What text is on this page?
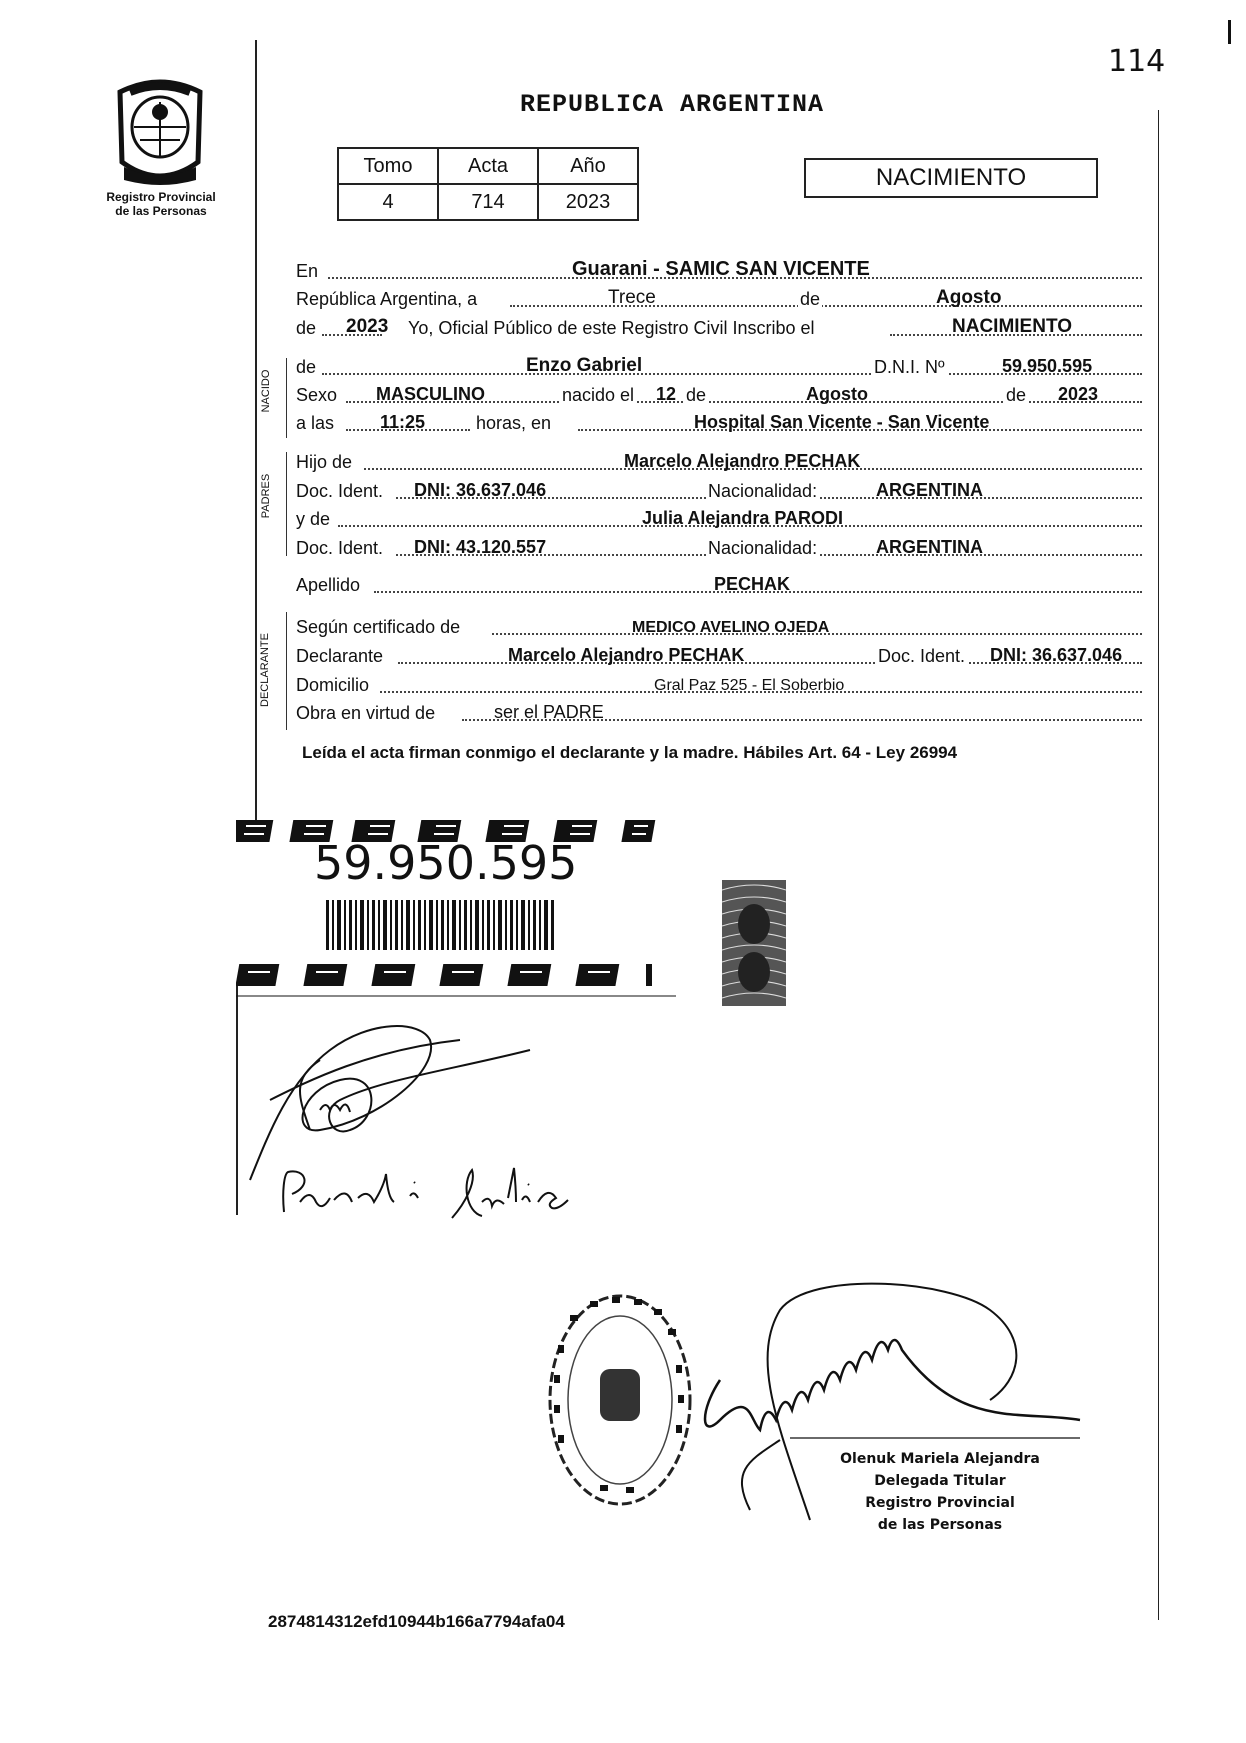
114
Registro Provincial
de las Personas
REPUBLICA ARGENTINA
Tomo	Acta	Año
4	714	2023
NACIMIENTO
En	Guarani - SAMIC SAN VICENTE
República Argentina, a	Trece	de	Agosto
de 2023 Yo, Oficial Público de este Registro Civil Inscribo el	NACIMIENTO
NACIDO
de	Enzo Gabriel	D.N.I. Nº	59.950.595
Sexo MASCULINO	nacido el 12 de	Agosto	de 2023
a las	11:25	horas, en	Hospital San Vicente - San Vicente
PADRES
Hijo de	Marcelo Alejandro PECHAK
Doc. Ident. DNI: 36.637.046	Nacionalidad:	ARGENTINA
y de	Julia Alejandra PARODI
Doc. Ident. DNI: 43.120.557	Nacionalidad:	ARGENTINA
Apellido	PECHAK
DECLARANTE
Según certificado de	MEDICO AVELINO OJEDA
Declarante	Marcelo Alejandro PECHAK	Doc. Ident. DNI: 36.637.046
Domicilio	Gral Paz 525 - El Soberbio
Obra en virtud de	ser el PADRE
Leída el acta firman conmigo el declarante y la madre. Hábiles Art. 64 - Ley 26994
59.950.595
Olenuk Mariela Alejandra
Delegada Titular
Registro Provincial
de las Personas
2874814312efd10944b166a7794afa04
